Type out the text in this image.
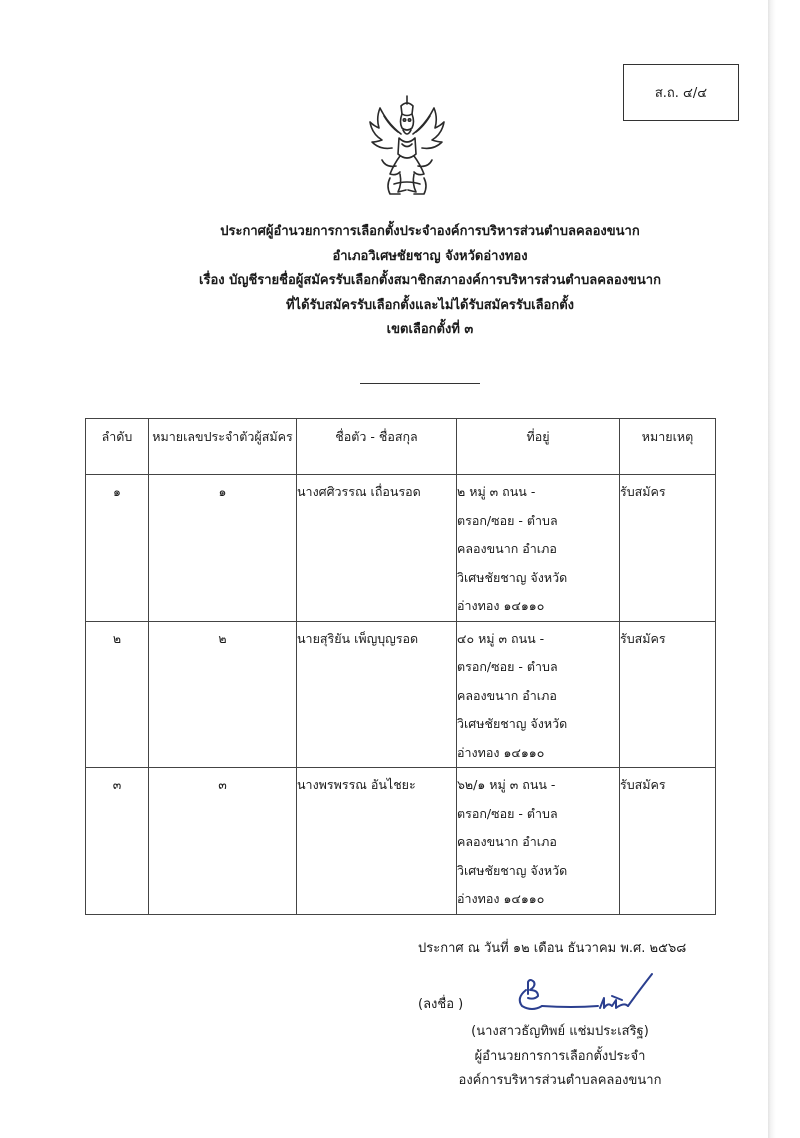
ส.ถ. ๔/๔
ประกาศผู้อำนวยการการเลือกตั้งประจำองค์การบริหารส่วนตำบลคลองขนาก
อำเภอวิเศษชัยชาญ จังหวัดอ่างทอง
เรื่อง บัญชีรายชื่อผู้สมัครรับเลือกตั้งสมาชิกสภาองค์การบริหารส่วนตำบลคลองขนาก
ที่ได้รับสมัครรับเลือกตั้งและไม่ได้รับสมัครรับเลือกตั้ง
เขตเลือกตั้งที่ ๓
ลำดับ	หมายเลขประจำตัวผู้สมัคร	ชื่อตัว - ชื่อสกุล	ที่อยู่	หมายเหตุ
๑	๑	นางศศิวรรณ เถื่อนรอด	๒ หมู่ ๓ ถนน -
ตรอก/ซอย - ตำบล
คลองขนาก อำเภอ
วิเศษชัยชาญ จังหวัด
อ่างทอง ๑๔๑๑๐	รับสมัคร
๒	๒	นายสุริยัน เพ็ญบุญรอด	๔๐ หมู่ ๓ ถนน -
ตรอก/ซอย - ตำบล
คลองขนาก อำเภอ
วิเศษชัยชาญ จังหวัด
อ่างทอง ๑๔๑๑๐	รับสมัคร
๓	๓	นางพรพรรณ อันไชยะ	๖๒/๑ หมู่ ๓ ถนน -
ตรอก/ซอย - ตำบล
คลองขนาก อำเภอ
วิเศษชัยชาญ จังหวัด
อ่างทอง ๑๔๑๑๐	รับสมัคร
ประกาศ ณ วันที่ ๑๒ เดือน ธันวาคม พ.ศ. ๒๕๖๘
(ลงชื่อ )
(นางสาวธัญทิพย์ แช่มประเสริฐ)
ผู้อำนวยการการเลือกตั้งประจำ
องค์การบริหารส่วนตำบลคลองขนาก
